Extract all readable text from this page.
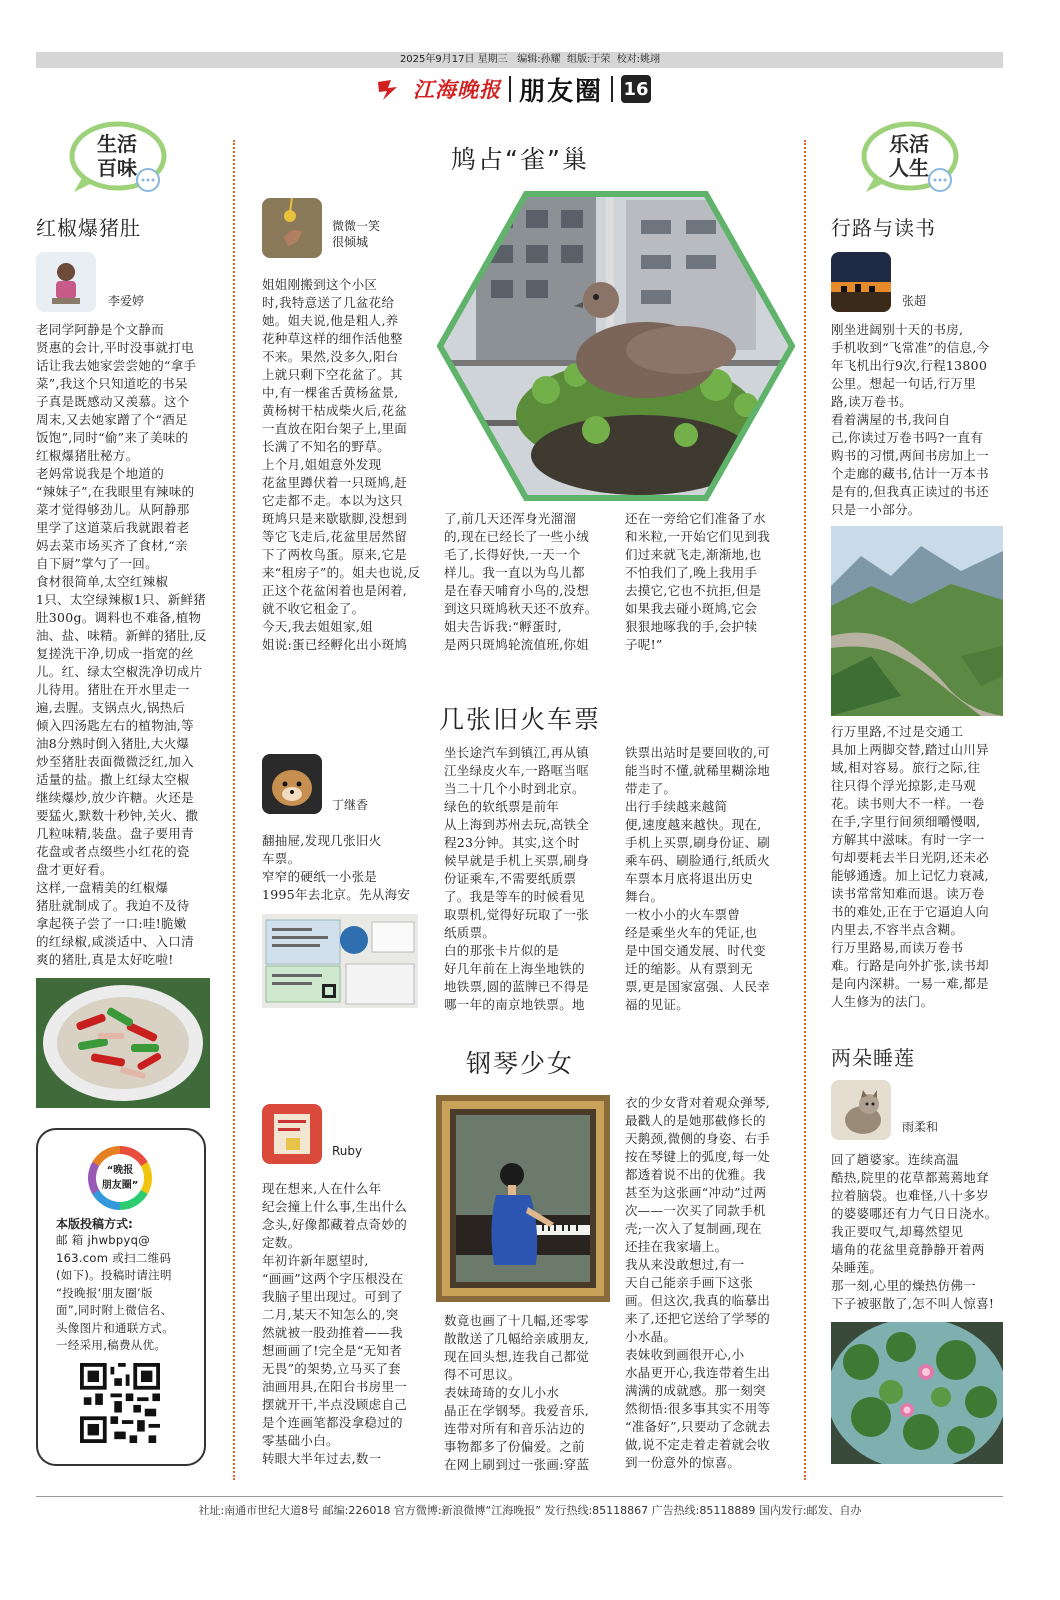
2025年9月17日 星期三 编辑:孙耀 组版:于荣 校对:姚翊
江海晚报 朋友圈 16
生活
百味
红椒爆猪肚
李爱婷
老同学阿静是个文静而
贤惠的会计,平时没事就打电
话让我去她家尝尝她的“拿手
菜”,我这个只知道吃的书呆
子真是既感动又羡慕。这个
周末,又去她家蹭了个“酒足
饭饱”,同时“偷”来了美味的
红椒爆猪肚秘方。
老妈常说我是个地道的
“辣妹子”,在我眼里有辣味的
菜才觉得够劲儿。从阿静那
里学了这道菜后我就跟着老
妈去菜市场买齐了食材,“亲
自下厨”掌勺了一回。
食材很简单,太空红辣椒
1只、太空绿辣椒1只、新鲜猪
肚300g。调料也不难备,植物
油、盐、味精。新鲜的猪肚,反
复搓洗干净,切成一指宽的丝
儿。红、绿太空椒洗净切成片
儿待用。猪肚在开水里走一
遍,去腥。支锅点火,锅热后
倾入四汤匙左右的植物油,等
油8分熟时倒入猪肚,大火爆
炒至猪肚表面微微泛红,加入
适量的盐。撒上红绿太空椒
继续爆炒,放少许糖。火还是
要猛火,默数十秒钟,关火、撒
几粒味精,装盘。盘子要用青
花盘或者点缀些小红花的瓷
盘才更好看。
这样,一盘精美的红椒爆
猪肚就制成了。我迫不及待
拿起筷子尝了一口:哇!脆嫩
的红绿椒,咸淡适中、入口清
爽的猪肚,真是太好吃啦!
“晚报
朋友圈”
本版投稿方式:
邮 箱 jhwbpyq@
163.com 或扫二维码
(如下)。投稿时请注明
“投晚报‘朋友圈’版
面”,同时附上微信名、
头像图片和通联方式。
一经采用,稿费从优。
鸠占“雀”巢
微微一笑
很倾城
姐姐刚搬到这个小区
时,我特意送了几盆花给
她。姐夫说,他是粗人,养
花种草这样的细作活他整
不来。果然,没多久,阳台
上就只剩下空花盆了。其
中,有一棵雀舌黄杨盆景,
黄杨树干枯成柴火后,花盆
一直放在阳台架子上,里面
长满了不知名的野草。
上个月,姐姐意外发现
花盆里蹲伏着一只斑鸠,赶
它走都不走。本以为这只
斑鸠只是来歇歇脚,没想到
等它飞走后,花盆里居然留
下了两枚鸟蛋。原来,它是
来“租房子”的。姐夫也说,反
正这个花盆闲着也是闲着,
就不收它租金了。
今天,我去姐姐家,姐
姐说:蛋已经孵化出小斑鸠
了,前几天还浑身光溜溜
的,现在已经长了一些小绒
毛了,长得好快,一天一个
样儿。我一直以为鸟儿都
是在春天哺育小鸟的,没想
到这只斑鸠秋天还不放弃。
姐夫告诉我:“孵蛋时,
是两只斑鸠轮流值班,你姐
还在一旁给它们准备了水
和米粒,一开始它们见到我
们过来就飞走,渐渐地,也
不怕我们了,晚上我用手
去摸它,它也不抗拒,但是
如果我去碰小斑鸠,它会
狠狠地啄我的手,会护犊
子呢!”
几张旧火车票
丁继香
翻抽屉,发现几张旧火
车票。
窄窄的硬纸一小张是
1995年去北京。先从海安
坐长途汽车到镇江,再从镇
江坐绿皮火车,一路哐当哐
当二十几个小时到北京。
绿色的软纸票是前年
从上海到苏州去玩,高铁全
程23分钟。其实,这个时
候早就是手机上买票,刷身
份证乘车,不需要纸质票
了。我是等车的时候看见
取票机,觉得好玩取了一张
纸质票。
白的那张卡片似的是
好几年前在上海坐地铁的
地铁票,圆的蓝牌已不得是
哪一年的南京地铁票。地
铁票出站时是要回收的,可
能当时不懂,就稀里糊涂地
带走了。
出行手续越来越简
便,速度越来越快。现在,
手机上买票,刷身份证、刷
乘车码、刷脸通行,纸质火
车票本月底将退出历史
舞台。
一枚小小的火车票曾
经是乘坐火车的凭证,也
是中国交通发展、时代变
迁的缩影。从有票到无
票,更是国家富强、人民幸
福的见证。
钢琴少女
Ruby
现在想来,人在什么年
纪会撞上什么事,生出什么
念头,好像都藏着点奇妙的
定数。
年初许新年愿望时,
“画画”这两个字压根没在
我脑子里出现过。可到了
二月,某天不知怎么的,突
然就被一股劲推着——我
想画画了!完全是“无知者
无畏”的架势,立马买了套
油画用具,在阳台书房里一
摆就开干,半点没顾虑自己
是个连画笔都没拿稳过的
零基础小白。
转眼大半年过去,数一
数竟也画了十几幅,还零零
散散送了几幅给亲戚朋友,
现在回头想,连我自己都觉
得不可思议。
表妹琦琦的女儿小水
晶正在学钢琴。我爱音乐,
连带对所有和音乐沾边的
事物都多了份偏爱。之前
在网上刷到过一张画:穿蓝
衣的少女背对着观众弹琴,
最戳人的是她那截修长的
天鹅颈,微侧的身姿、右手
按在琴键上的弧度,每一处
都透着说不出的优雅。我
甚至为这张画“冲动”过两
次——一次买了同款手机
壳;一次入了复制画,现在
还挂在我家墙上。
我从来没敢想过,有一
天自己能亲手画下这张
画。但这次,我真的临摹出
来了,还把它送给了学琴的
小水晶。
表妹收到画很开心,小
水晶更开心,我连带着生出
满满的成就感。那一刻突
然彻悟:很多事其实不用等
“准备好”,只要动了念就去
做,说不定走着走着就会收
到一份意外的惊喜。
乐活
人生
行路与读书
张超
刚坐进阔别十天的书房,
手机收到“飞常准”的信息,今
年飞机出行9次,行程13800
公里。想起一句话,行万里
路,读万卷书。
看着满屋的书,我问自
己,你读过万卷书吗?一直有
购书的习惯,两间书房加上一
个走廊的藏书,估计一万本书
是有的,但我真正读过的书还
只是一小部分。
行万里路,不过是交通工
具加上两脚交替,踏过山川异
域,相对容易。旅行之际,往
往只得个浮光掠影,走马观
花。读书则大不一样。一卷
在手,字里行间须细嚼慢咽,
方解其中滋味。有时一字一
句却要耗去半日光阴,还未必
能够通透。加上记忆力衰减,
读书常常知难而退。读万卷
书的难处,正在于它逼迫人向
内里去,不容半点含糊。
行万里路易,而读万卷书
难。行路是向外扩张,读书却
是向内深耕。一易一难,都是
人生修为的法门。
两朵睡莲
雨柔和
回了趟婆家。连续高温
酷热,院里的花草都蔫蔫地耷
拉着脑袋。也难怪,八十多岁
的婆婆哪还有力气日日浇水。
我正要叹气,却蓦然望见
墙角的花盆里竟静静开着两
朵睡莲。
那一刻,心里的燥热仿佛一
下子被驱散了,怎不叫人惊喜!
社址:南通市世纪大道8号 邮编:226018 官方微博:新浪微博“江海晚报” 发行热线:85118867 广告热线:85118889 国内发行:邮发、自办
